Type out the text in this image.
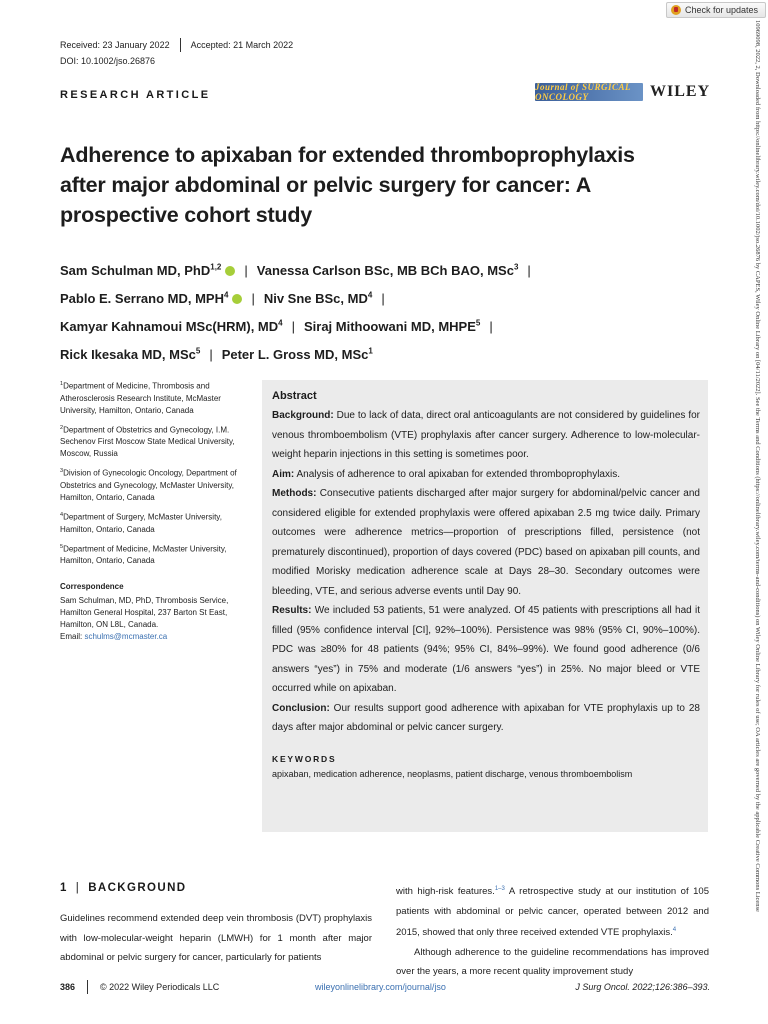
Check for updates
10969098, 2022, 2, Downloaded from https://onlinelibrary.wiley.com/doi/10.1002/jso.26876 by CAPES, Wiley Online Library on [04/11/2022]. See the Terms and Conditions (https://onlinelibrary.wiley.com/terms-and-conditions) on Wiley Online Library for rules of use; OA articles are governed by the applicable Creative Commons License
Received: 23 January 2022 Accepted: 21 March 2022
DOI: 10.1002/jso.26876
RESEARCH ARTICLE
Journal of SURGICAL ONCOLOGY	WILEY
Adherence to apixaban for extended thromboprophylaxis after major abdominal or pelvic surgery for cancer: A prospective cohort study
Sam Schulman MD, PhD$^{1,2}$ | Vanessa Carlson BSc, MB BCh BAO, MSc$^3$ |
Pablo E. Serrano MD, MPH$^4$ | Niv Sne BSc, $MD^4$ |
Kamyar Kahnamoui MSc(HRM), $MD^4$ | Siraj Mithoowani MD, MHPE$^5$ |
Rick Ikesaka MD, MSc$^5$ | Peter L. Gross MD, MSc$^1$

$^1$Department of Medicine, Thrombosis and Atherosclerosis Research Institute, McMaster University, Hamilton, Ontario, Canada

$^2$Department of Obstetrics and Gynecology, I.M. Sechenov First Moscow State Medical University, Moscow, Russia

$^3$Division of Gynecologic Oncology, Department of Obstetrics and Gynecology, McMaster University, Hamilton, Ontario, Canada

$^4$Department of Surgery, McMaster University, Hamilton, Ontario, Canada

$^5$Department of Medicine, McMaster University, Hamilton, Ontario, Canada

Correspondence
Sam Schulman, MD, PhD, Thrombosis Service, Hamilton General Hospital, 237 Barton St East, Hamilton, ON L8L, Canada.
Email: schulms@mcmaster.ca
Abstract
Background: Due to lack of data, direct oral anticoagulants are not considered by guidelines for venous thromboembolism (VTE) prophylaxis after cancer surgery. Adherence to low‐molecular‐weight heparin injections in this setting is sometimes poor.
Aim: Analysis of adherence to oral apixaban for extended thromboprophylaxis.
Methods: Consecutive patients discharged after major surgery for abdominal/pelvic cancer and considered eligible for extended prophylaxis were offered apixaban 2.5 mg twice daily. Primary outcomes were adherence metrics—proportion of prescriptions filled, persistence (not prematurely discontinued), proportion of days covered (PDC) based on apixaban pill counts, and modified Morisky medication adherence scale at Days 28–30. Secondary outcomes were bleeding, VTE, and serious adverse events until Day 90.
Results: We included 53 patients, 51 were analyzed. Of 45 patients with prescriptions all had it filled (95% confidence interval [CI], 92%–100%). Persistence was 98% (95% CI, 90%–100%). PDC was ≥80% for 48 patients (94%; 95% CI, 84%–99%). We found good adherence (0/6 answers “yes”) in 75% and moderate (1/6 answers “yes”) in 25%. No major bleed or VTE occurred while on apixaban.
Conclusion: Our results support good adherence with apixaban for VTE prophylaxis up to 28 days after major abdominal or pelvic cancer surgery.
KEYWORDS
apixaban, medication adherence, neoplasms, patient discharge, venous thromboembolism
1 | BACKGROUND
Guidelines recommend extended deep vein thrombosis (DVT) prophylaxis with low‐molecular‐weight heparin (LMWH) for 1 month after major abdominal or pelvic surgery for cancer, particularly for patients
with high‐risk features.$^{1-3}$ A retrospective study at our institution of 105 patients with abdominal or pelvic cancer, operated between 2012 and 2015, showed that only three received extended VTE prophylaxis.$^4$
Although adherence to the guideline recommendations has improved over the years, a more recent quality improvement study
386	© 2022 Wiley Periodicals LLC	wileyonlinelibrary.com/journal/jso	J Surg Oncol. 2022;126:386–393.
